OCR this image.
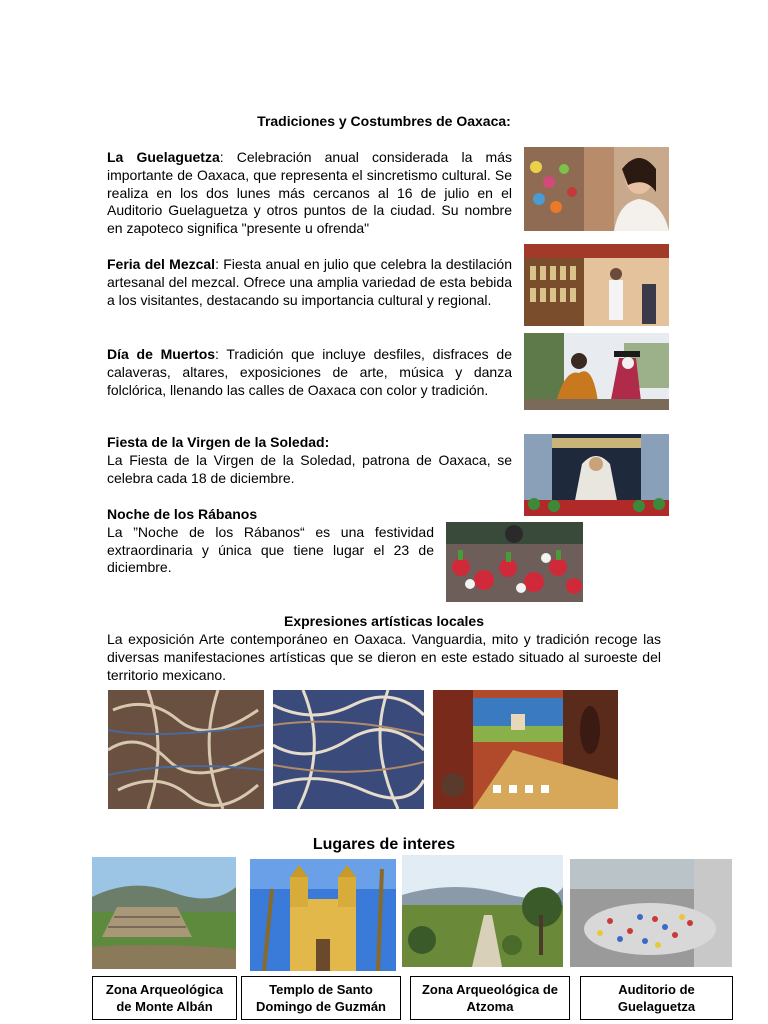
Tradiciones y Costumbres de Oaxaca:
La Guelaguetza: Celebración anual considerada la más importante de Oaxaca, que representa el sincretismo cultural. Se realiza en los dos lunes más cercanos al 16 de julio en el Auditorio Guelaguetza y otros puntos de la ciudad. Su nombre en zapoteco significa "presente u ofrenda"
Feria del Mezcal: Fiesta anual en julio que celebra la destilación artesanal del mezcal. Ofrece una amplia variedad de esta bebida a los visitantes, destacando su importancia cultural y regional.
Día de Muertos: Tradición que incluye desfiles, disfraces de calaveras, altares, exposiciones de arte, música y danza folclórica, llenando las calles de Oaxaca con color y tradición.
Fiesta de la Virgen de la Soledad:
La Fiesta de la Virgen de la Soledad, patrona de Oaxaca, se celebra cada 18 de diciembre.
Noche de los Rábanos
La ”Noche de los Rábanos“ es una festividad extraordinaria y única que tiene lugar el 23 de diciembre.
Expresiones artísticas locales
La exposición Arte contemporáneo en Oaxaca. Vanguardia, mito y tradición recoge las diversas manifestaciones artísticas que se dieron en este estado situado al suroeste del territorio mexicano.
Lugares de interes
Zona Arqueológica de Monte Albán
Templo de Santo Domingo de Guzmán
Zona Arqueológica de Atzoma
Auditorio de Guelaguetza
